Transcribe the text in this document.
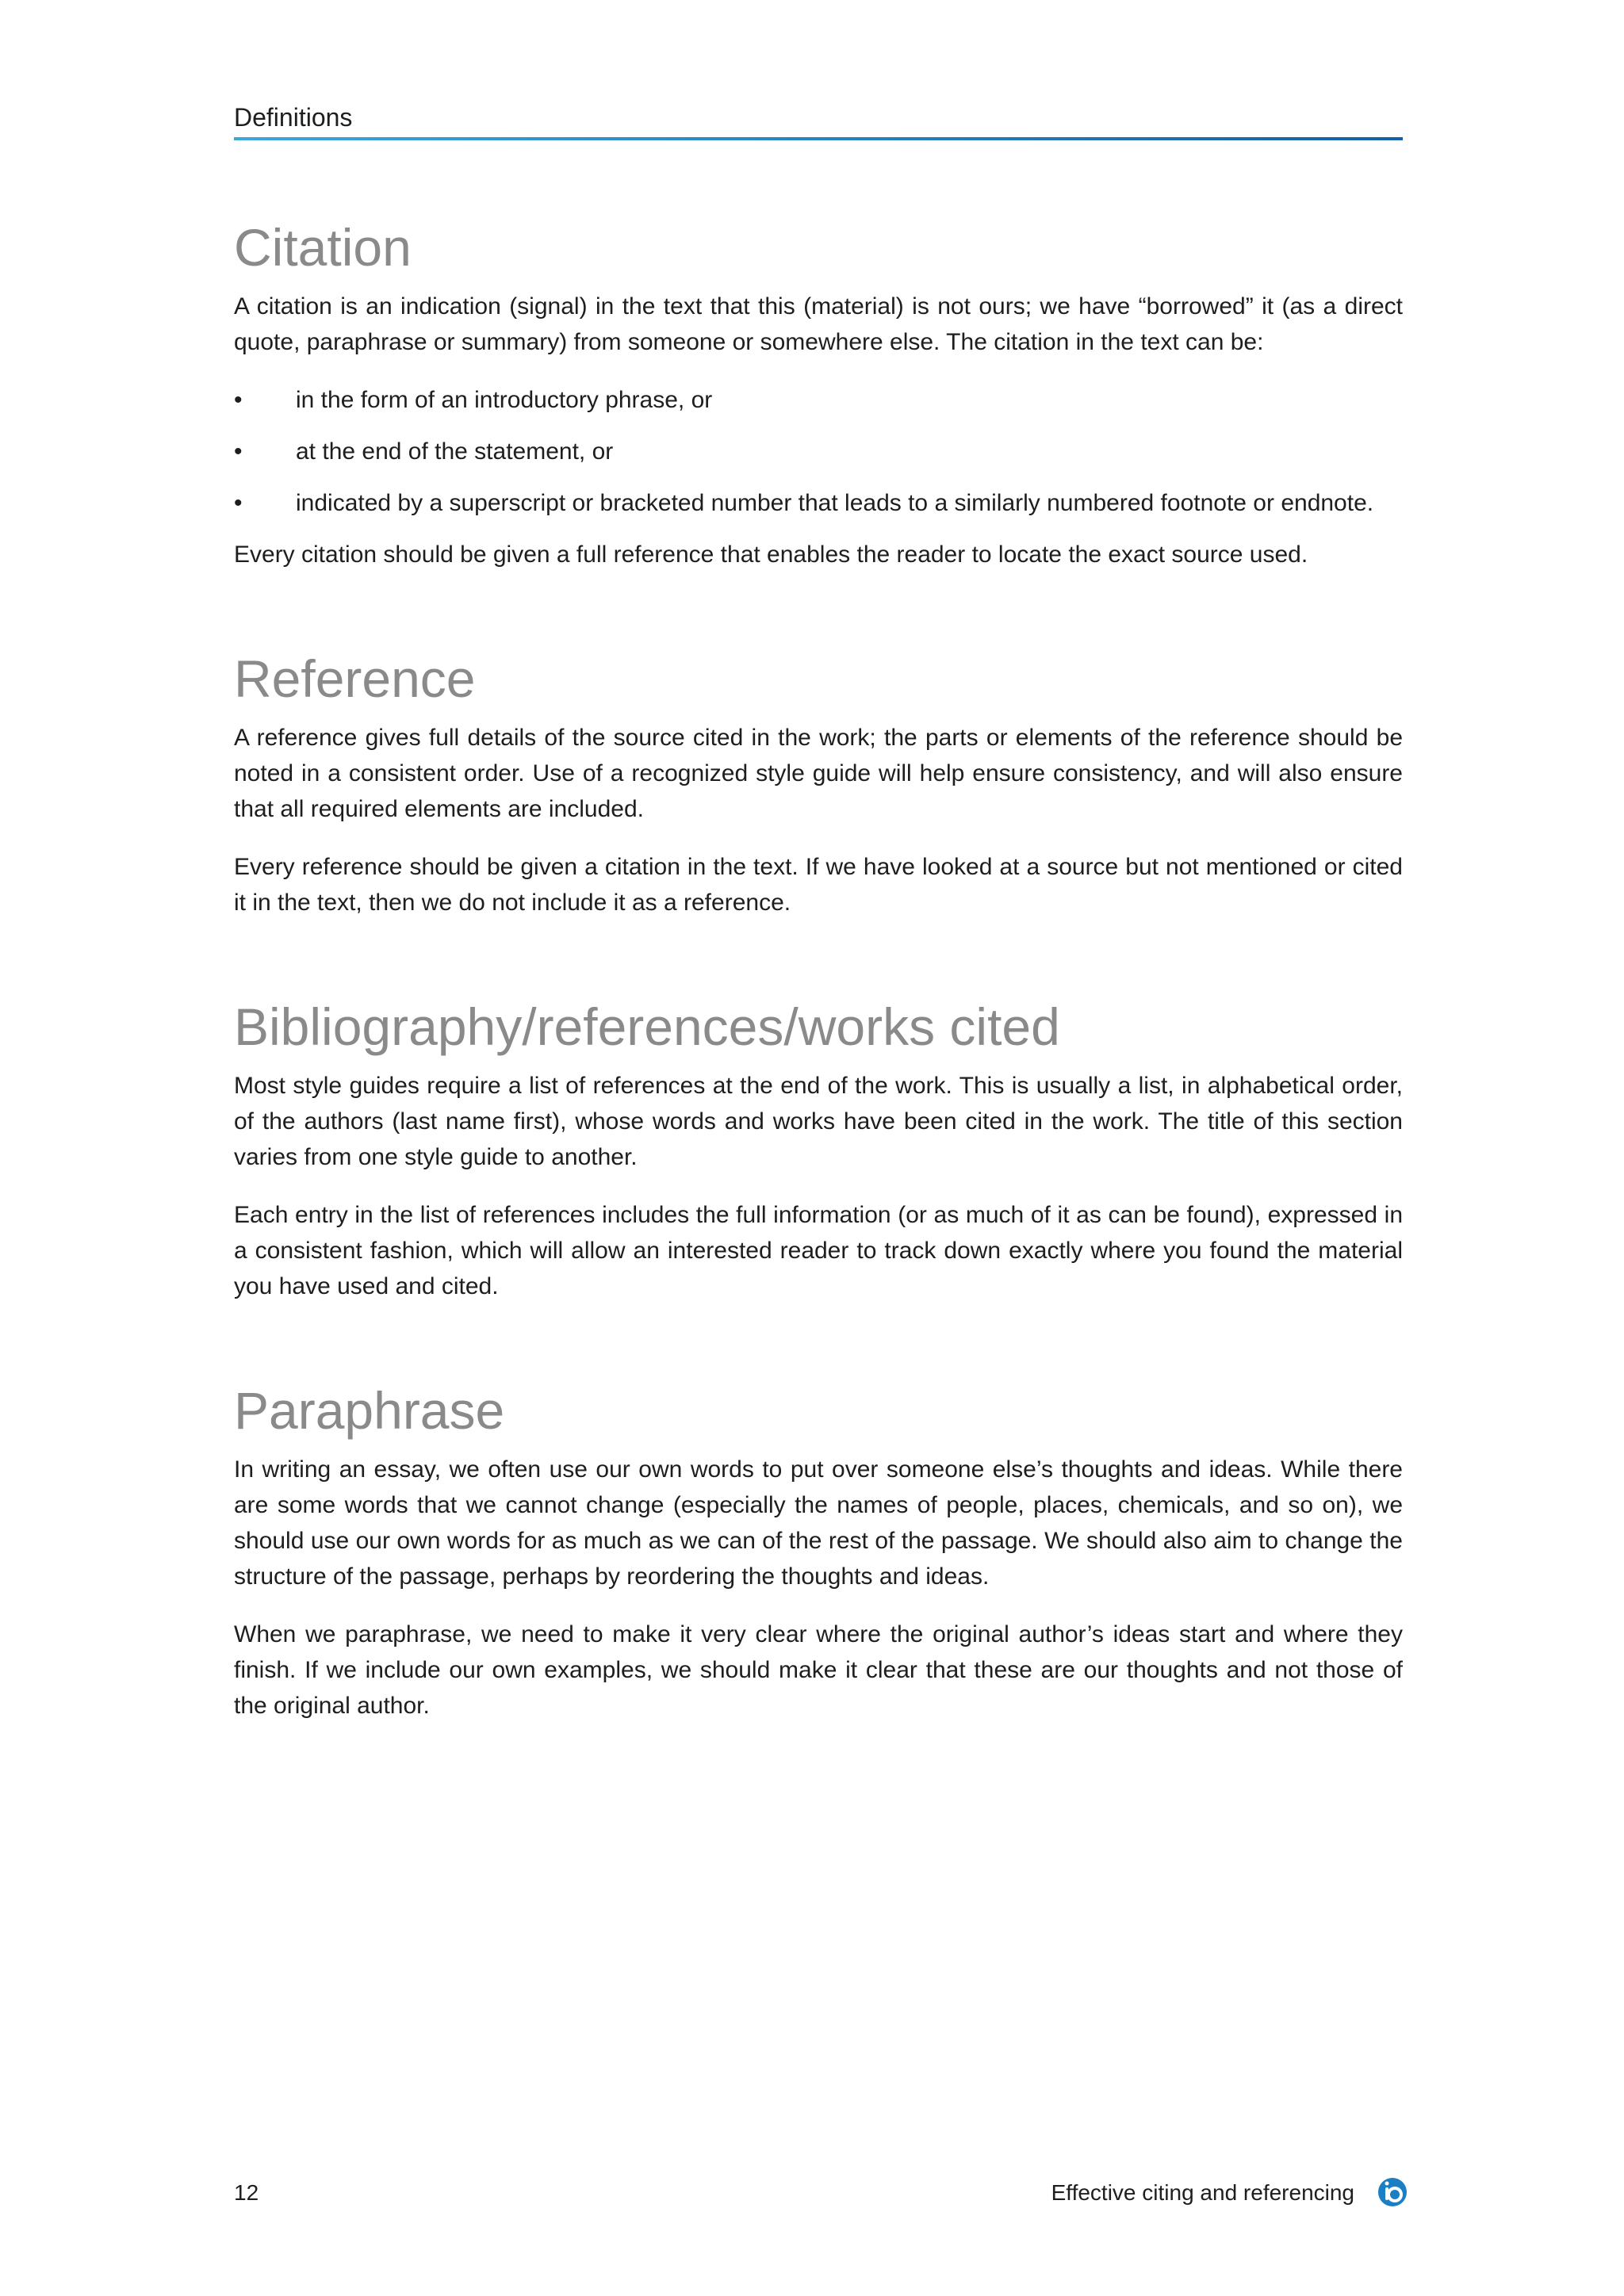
Definitions
Citation

A citation is an indication (signal) in the text that this (material) is not ours; we have “borrowed” it (as a direct quote, paraphrase or summary) from someone or somewhere else. The citation in the text can be:

• in the form of an introductory phrase, or
• at the end of the statement, or
• indicated by a superscript or bracketed number that leads to a similarly numbered footnote or endnote.

Every citation should be given a full reference that enables the reader to locate the exact source used.

Reference

A reference gives full details of the source cited in the work; the parts or elements of the reference should be noted in a consistent order. Use of a recognized style guide will help ensure consistency, and will also ensure that all required elements are included.

Every reference should be given a citation in the text. If we have looked at a source but not mentioned or cited it in the text, then we do not include it as a reference.

Bibliography/references/works cited

Most style guides require a list of references at the end of the work. This is usually a list, in alphabetical order, of the authors (last name first), whose words and works have been cited in the work. The title of this section varies from one style guide to another.

Each entry in the list of references includes the full information (or as much of it as can be found), expressed in a consistent fashion, which will allow an interested reader to track down exactly where you found the material you have used and cited.

Paraphrase

In writing an essay, we often use our own words to put over someone else’s thoughts and ideas. While there are some words that we cannot change (especially the names of people, places, chemicals, and so on), we should use our own words for as much as we can of the rest of the passage. We should also aim to change the structure of the passage, perhaps by reordering the thoughts and ideas.

When we paraphrase, we need to make it very clear where the original author’s ideas start and where they finish. If we include our own examples, we should make it clear that these are our thoughts and not those of the original author.

12	Effective citing and referencing
